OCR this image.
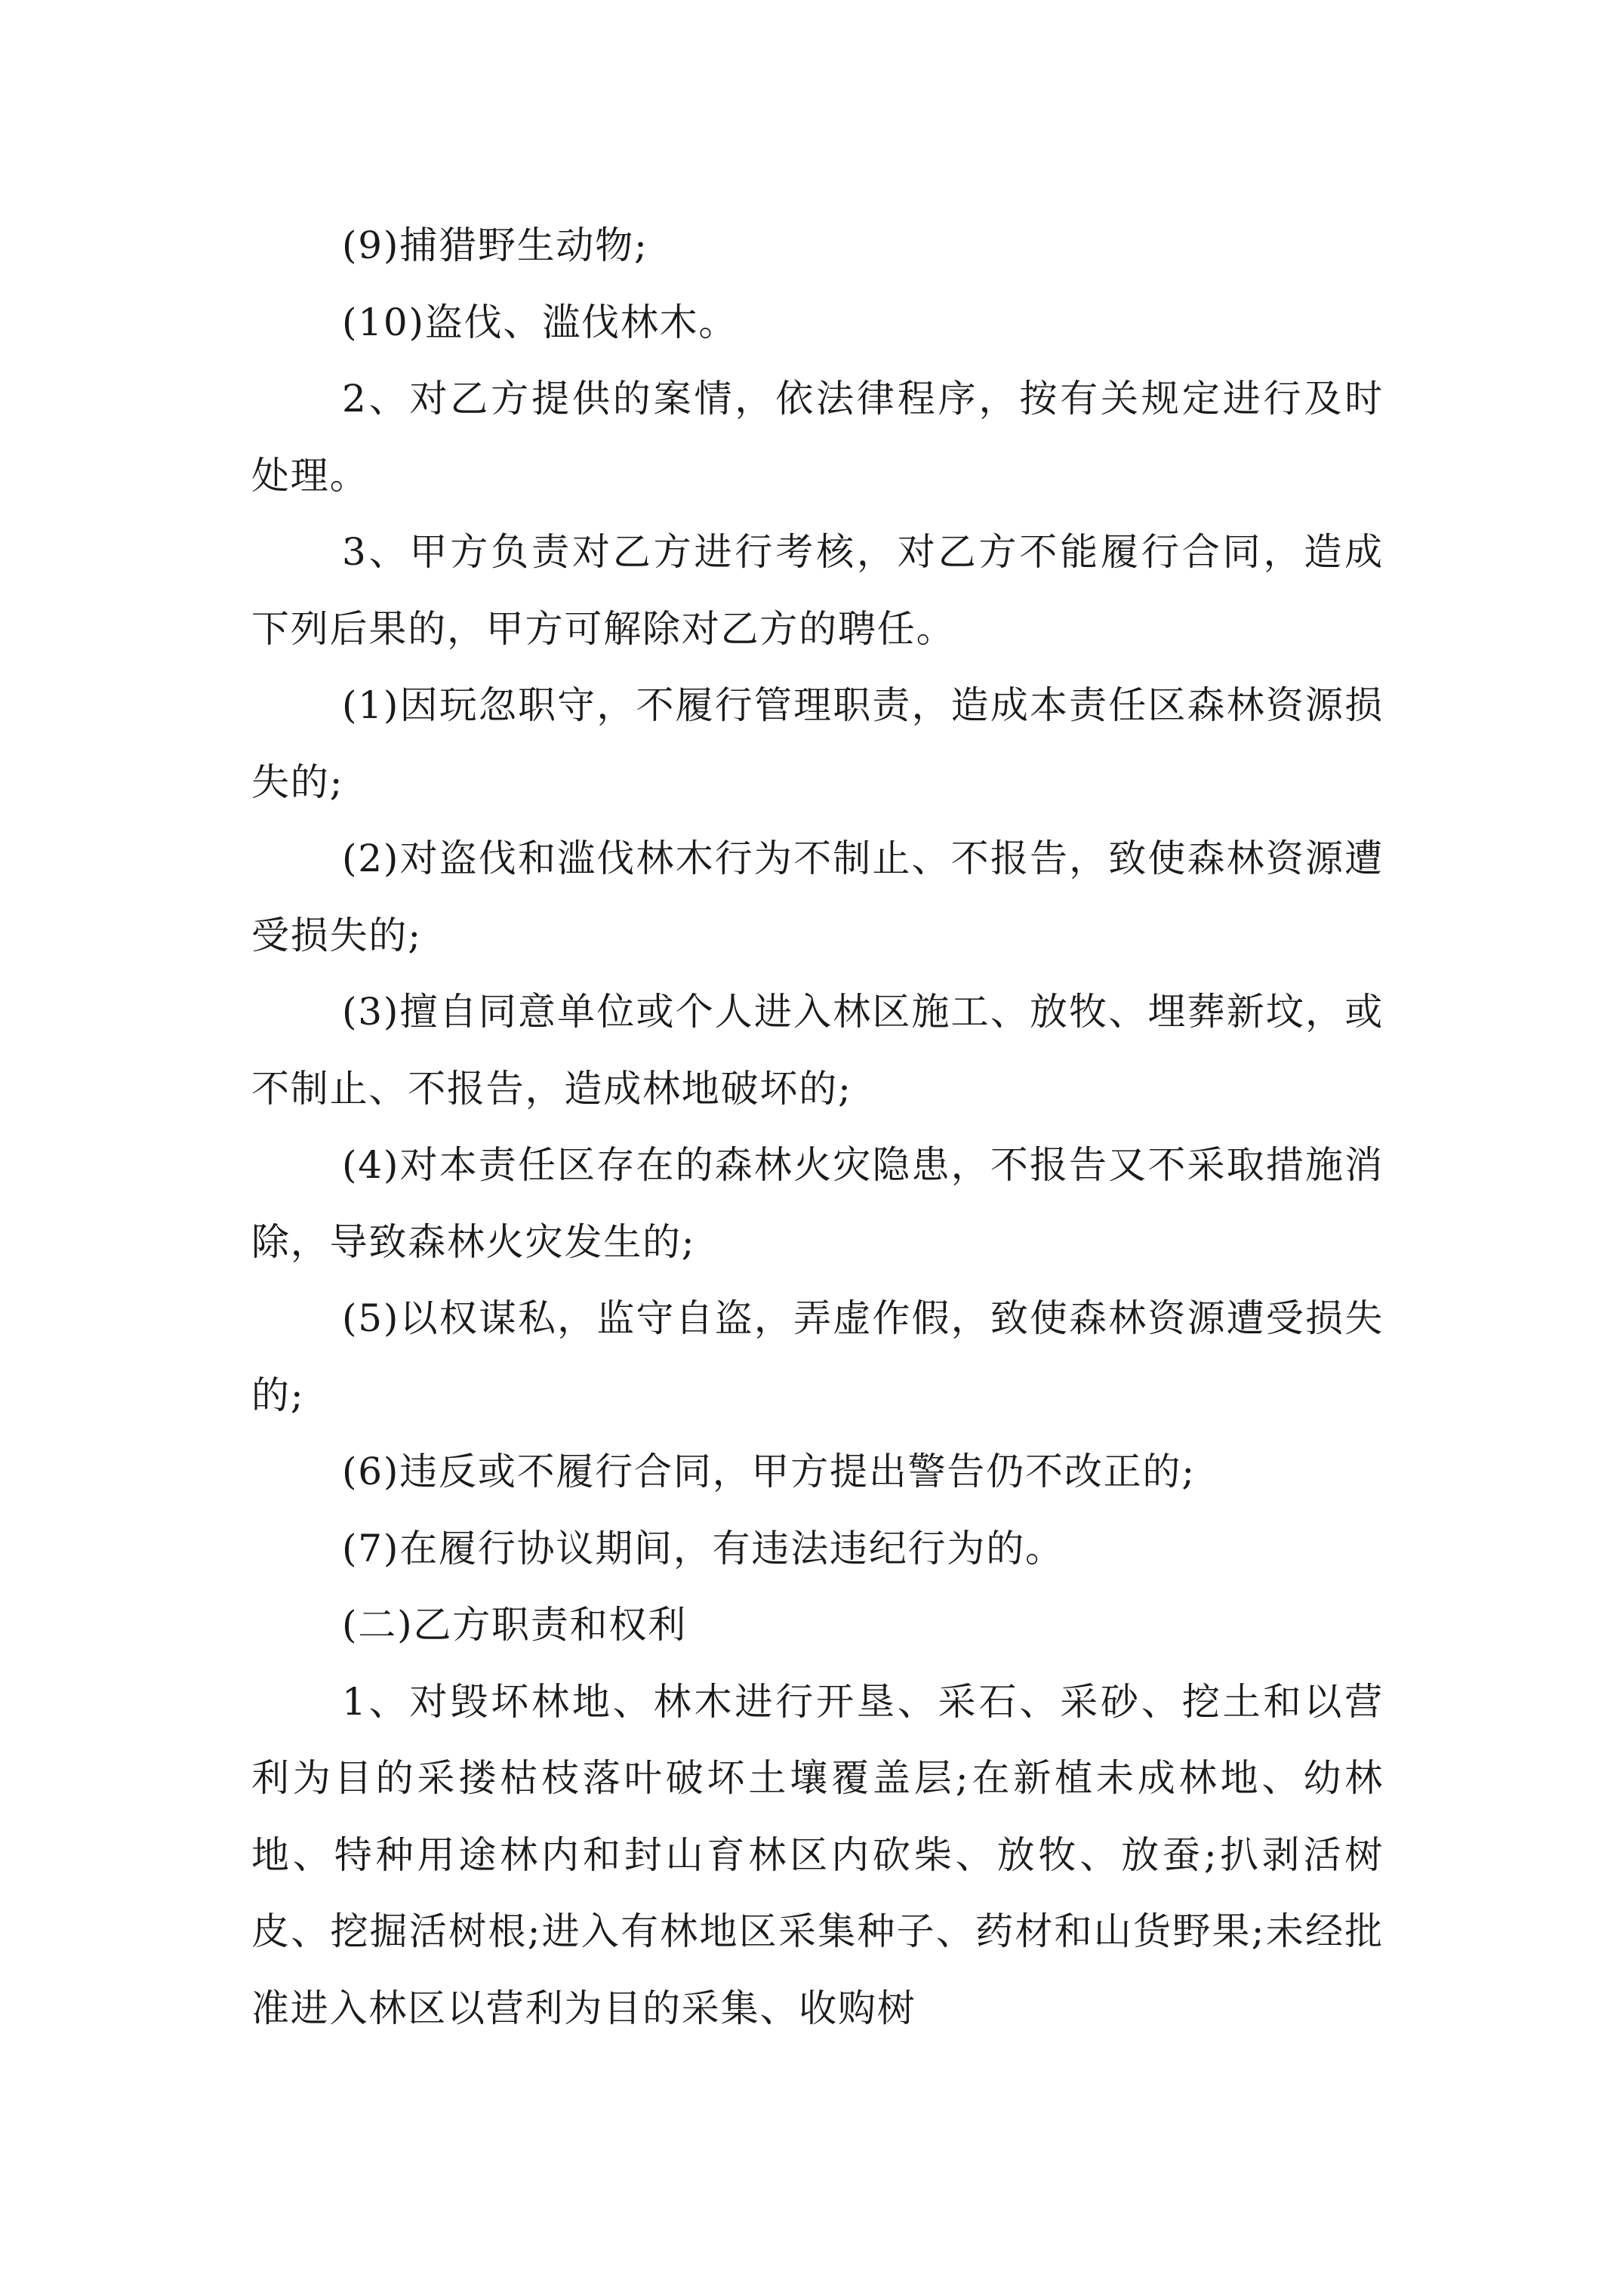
(9)捕猎野生动物;

(10)盗伐、滥伐林木。

2、对乙方提供的案情，依法律程序，按有关规定进行及时处理。

3、甲方负责对乙方进行考核，对乙方不能履行合同，造成下列后果的，甲方可解除对乙方的聘任。

(1)因玩忽职守，不履行管理职责，造成本责任区森林资源损失的;

(2)对盗伐和滥伐林木行为不制止、不报告，致使森林资源遭受损失的;

(3)擅自同意单位或个人进入林区施工、放牧、埋葬新坟，或不制止、不报告，造成林地破坏的;

(4)对本责任区存在的森林火灾隐患，不报告又不采取措施消除，导致森林火灾发生的;

(5)以权谋私，监守自盗，弄虚作假，致使森林资源遭受损失的;

(6)违反或不履行合同，甲方提出警告仍不改正的;

(7)在履行协议期间，有违法违纪行为的。

(二)乙方职责和权利

1、对毁坏林地、林木进行开垦、采石、采砂、挖土和以营利为目的采搂枯枝落叶破坏土壤覆盖层;在新植未成林地、幼林地、特种用途林内和封山育林区内砍柴、放牧、放蚕;扒剥活树皮、挖掘活树根;进入有林地区采集种子、药材和山货野果;未经批准进入林区以营利为目的采集、收购树
